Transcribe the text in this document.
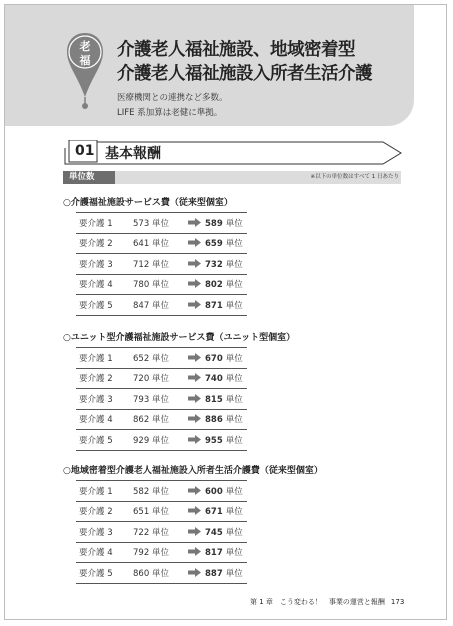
老
福
介護老人福祉施設、地域密着型
介護老人福祉施設入所者生活介護
医療機関との連携など多数。
LIFE 系加算は老健に準拠。
01 基本報酬
単位数	※以下の単位数はすべて 1 日あたり
○介護福祉施設サービス費（従来型個室）
要介護 1	573 単位		589 単位
要介護 2	641 単位		659 単位
要介護 3	712 単位		732 単位
要介護 4	780 単位		802 単位
要介護 5	847 単位		871 単位
○ユニット型介護福祉施設サービス費（ユニット型個室）
要介護 1	652 単位		670 単位
要介護 2	720 単位		740 単位
要介護 3	793 単位		815 単位
要介護 4	862 単位		886 単位
要介護 5	929 単位		955 単位
○地域密着型介護老人福祉施設入所者生活介護費（従来型個室）
要介護 1	582 単位		600 単位
要介護 2	651 単位		671 単位
要介護 3	722 単位		745 単位
要介護 4	792 単位		817 単位
要介護 5	860 単位		887 単位
第 1 章　こう変わる！　事業の運営と報酬 173
